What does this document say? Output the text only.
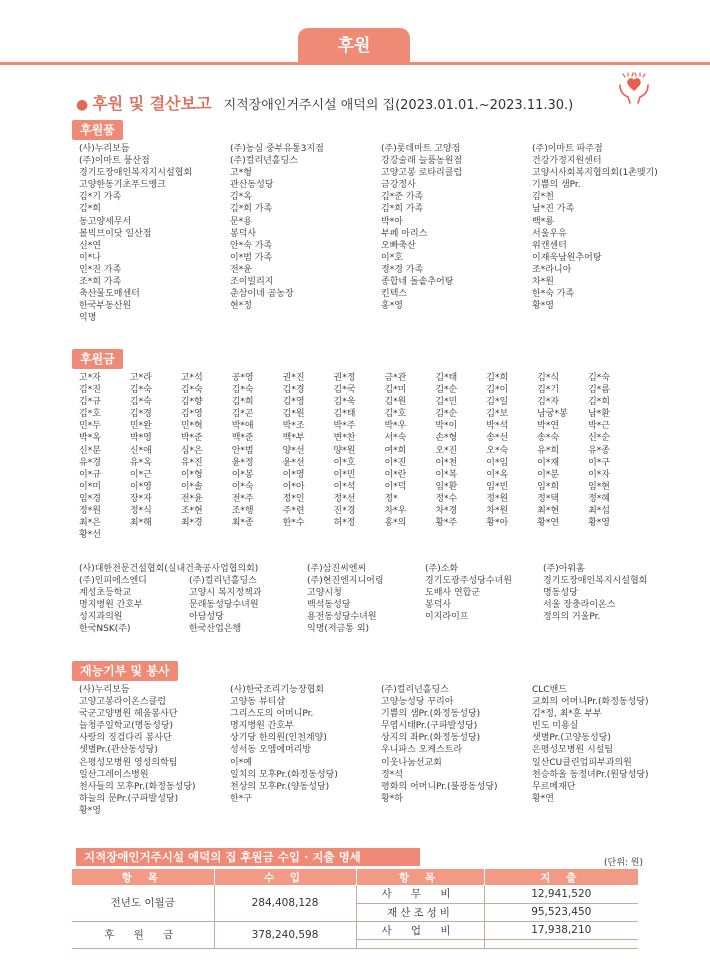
후원
● 후원 및 결산보고 지적장애인거주시설 애덕의 집(2023.01.01.~2023.11.30.)
후원품
(사)누리보듬	(주)농심 중부유통3지점	(주)롯데마트 고양점	(주)이마트 파주점
(주)이마트 풍산점	(주)컬리넌홀딩스	강강술래 늘품농원점	건강가정지원센터
경기도장애인복지지시설협회	고*형	고양고봉 로타리클럽	고양시사회복지협의회(1촌맺기)
고양한동기초푸드뱅크	관산동성당	금강정사	기쁨의 샘Pr.
김*기 가족	김*옥	김*준 가족	김*천
김*희	김*희 가족	김*희 가족	남*진 가족
동고양세무서	문*용	박*아	백*룡
볼빅브이닷 일산점	봉덕사	부페 아리스	서울우유
신*연	안*숙 가족	오빠축산	위캔센터
이*나	이*범 가족	이*호	이재욱남원추어탕
인*진 가족	전*윤	정*경 가족	조*라니아
조*희 가족	조이빌리지	종합네 돌솥추어탕	차*원
축산물도매센터	춘삼이네 곰농장	킨텍스	한*숙 가족
한국부동산원	현*정	홍*영	황*영
익명
후원금
고*자	고*라	고*석	공*영	권*진	권*정	금*관	김*태	김*희	김*식	김*숙
김*진	김*숙	김*숙	김*숙	김*경	김*국	김*미	김*순	김*이	김*기	김*름
김*규	김*숙	김*향	김*희	김*영	김*욱	김*원	김*민	김*일	김*자	김*희
김*호	김*경	김*영	김*곤	김*원	김*태	김*호	김*순	김*보	남궁*봉	남*환
민*두	민*완	민*혁	박*애	박*조	박*주	박*우	박*이	박*석	박*연	박*근
박*옥	박*영	박*준	백*준	백*부	변*찬	서*숙	손*형	송*선	송*숙	신*순
신*분	신*애	심*은	안*범	양*선	양*원	여*희	오*진	오*숙	유*희	유*종
유*경	유*옥	유*진	윤*정	윤*선	이*호	이*진	이*천	이*임	이*재	이*구
이*규	이*근	이*형	이*봉	이*영	이*민	이*란	이*복	이*옥	이*분	이*자
이*미	이*영	이*솔	이*숙	이*아	이*석	이*덕	임*환	임*빈	임*희	임*현
임*경	장*자	전*윤	전*주	정*인	정*선	정*	정*수	정*원	정*택	정*혜
정*원	정*식	조*현	조*행	주*련	진*경	차*우	차*경	차*원	최*현	최*섭
최*은	최*해	최*경	최*종	한*수	허*정	홍*의	황*주	황*아	황*연	황*영
황*선
(사)대한전문건설협회(실내건축공사업협의회)	(주)삼진씨엔씨	(주)소화	(주)아워홈
(주)인피에스엔디	(주)컬리넌홀딩스	(주)현진엔지니어링	경기도광주성당수녀원	경기도장애인복지시설협회
계성초등학교	고양시 복지정책과	고양시청	도배사 연합군	명동성당
명지병원 간호부	문래동성당수녀원	백석동성당	봉덕사	서울 장충라이온스
성지과의원	아담성당	용전동성당수녀원	이지라이프	정의의 거울Pr.
한국NSK(주)	한국산업은행	익명(저금통 외)
재능기부 및 봉사
(사)누리보듬	(사)한국조리기능장협회	(주)컬리넌홀딩스	CLC밴드
고양고봉라이온스클럽	고양동 뷰티샵	고양능성당 꾸리아	교회의 어머니Pr.(화정동성당)
국군고양병원 헤움봉사단	그리스도의 어머니Pr.	기쁨의 샘Pr.(화정동성당)	김*정, 최*훈 부부
늘청주일학교(명동성당)	명지병원 간호부	무염시태Pr.(구파발성당)	빈도 미용실
사랑의 징검다리 봉사단	상기당 한의원(인천계양)	상지의 좌Pr.(화정동성당)	샛별Pr.(고양동성당)
샛별Pr.(관산동성당)	성서동 오엠에머리방	우니파스 오케스트라	은평성모병원 시설팀
은평성모병원 영성의학팀	이*예	이웃나눔선교회	일산CU클린업피부과의원
일산그레이스병원	일치의 모후Pr.(화정동성당)	정*석	천승하올 동정녀Pr.(원당성당)
천사들의 모후Pr.(화정동성당)	천상의 모후Pr.(양동성당)	평화의 어머니Pr.(불광동성당)	무르메재단
하늘의 문Pr.(구파발성당)	한*구	황*하	황*연
황*영
지적장애인거주시설 애덕의 집 후원금 수입 · 지출 명세	(단위: 원)
항 목	수 입	항 목	지 출
전년도 이월금	284,408,128	사 무 비	12,941,520
		재산조성비	95,523,450
후 원 금	378,240,598	사 업 비	17,938,210
